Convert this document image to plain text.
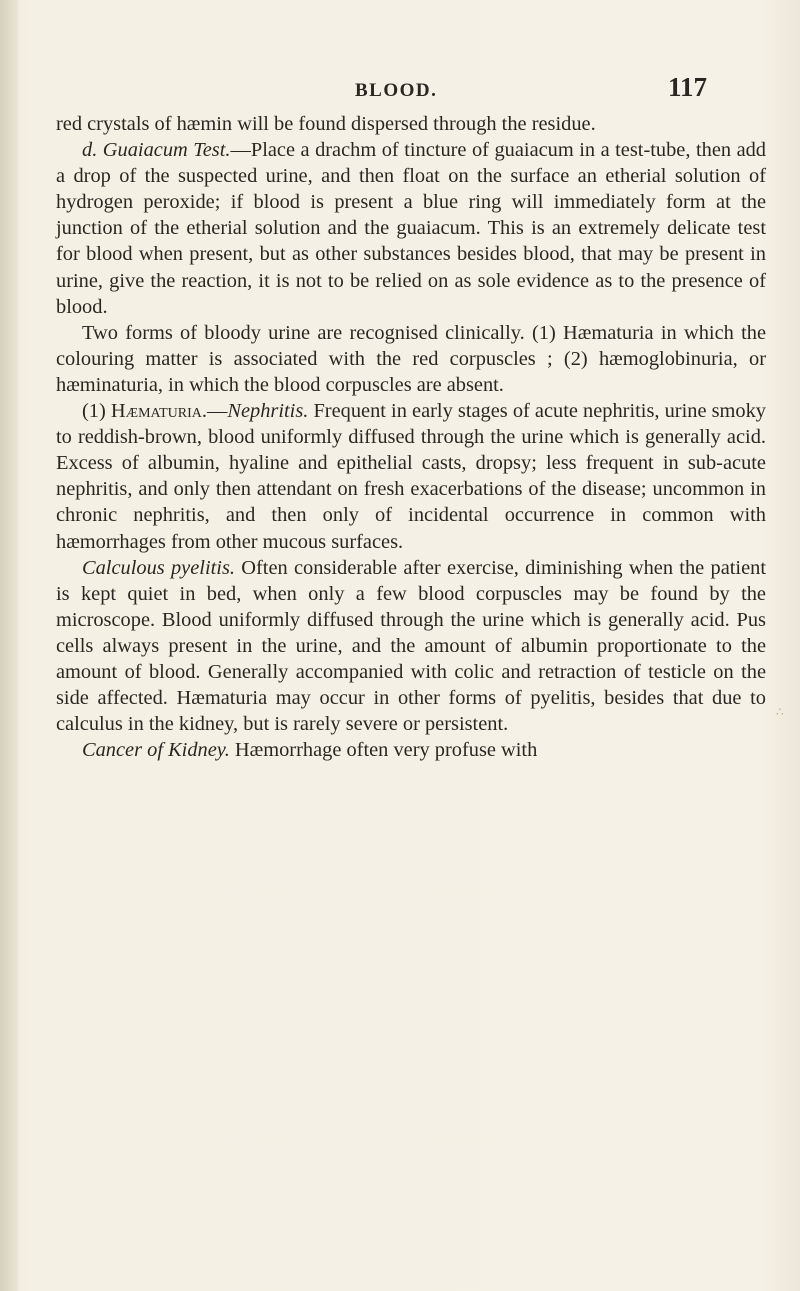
BLOOD.	117

red crystals of hæmin will be found dispersed through the residue.

d. Guaiacum Test.—Place a drachm of tincture of guaiacum in a test-tube, then add a drop of the suspected urine, and then float on the surface an etherial solution of hydrogen peroxide; if blood is present a blue ring will immediately form at the junction of the etherial solution and the guaiacum. This is an extremely delicate test for blood when present, but as other substances besides blood, that may be present in urine, give the reaction, it is not to be relied on as sole evidence as to the presence of blood.

Two forms of bloody urine are recognised clinically. (1) Hæmaturia in which the colouring matter is associated with the red corpuscles ; (2) hæmoglobinuria, or hæminaturia, in which the blood corpuscles are absent.

(1) Hæmaturia.—Nephritis. Frequent in early stages of acute nephritis, urine smoky to reddish-brown, blood uniformly diffused through the urine which is generally acid. Excess of albumin, hyaline and epithelial casts, dropsy; less frequent in sub-acute nephritis, and only then attendant on fresh exacerbations of the disease; uncommon in chronic nephritis, and then only of incidental occurrence in common with hæmorrhages from other mucous surfaces.

Calculous pyelitis. Often considerable after exercise, diminishing when the patient is kept quiet in bed, when only a few blood corpuscles may be found by the microscope. Blood uniformly diffused through the urine which is generally acid. Pus cells always present in the urine, and the amount of albumin proportionate to the amount of blood. Generally accompanied with colic and retraction of testicle on the side affected. Hæmaturia may occur in other forms of pyelitis, besides that due to calculus in the kidney, but is rarely severe or persistent.

Cancer of Kidney. Hæmorrhage often very profuse with

∴
